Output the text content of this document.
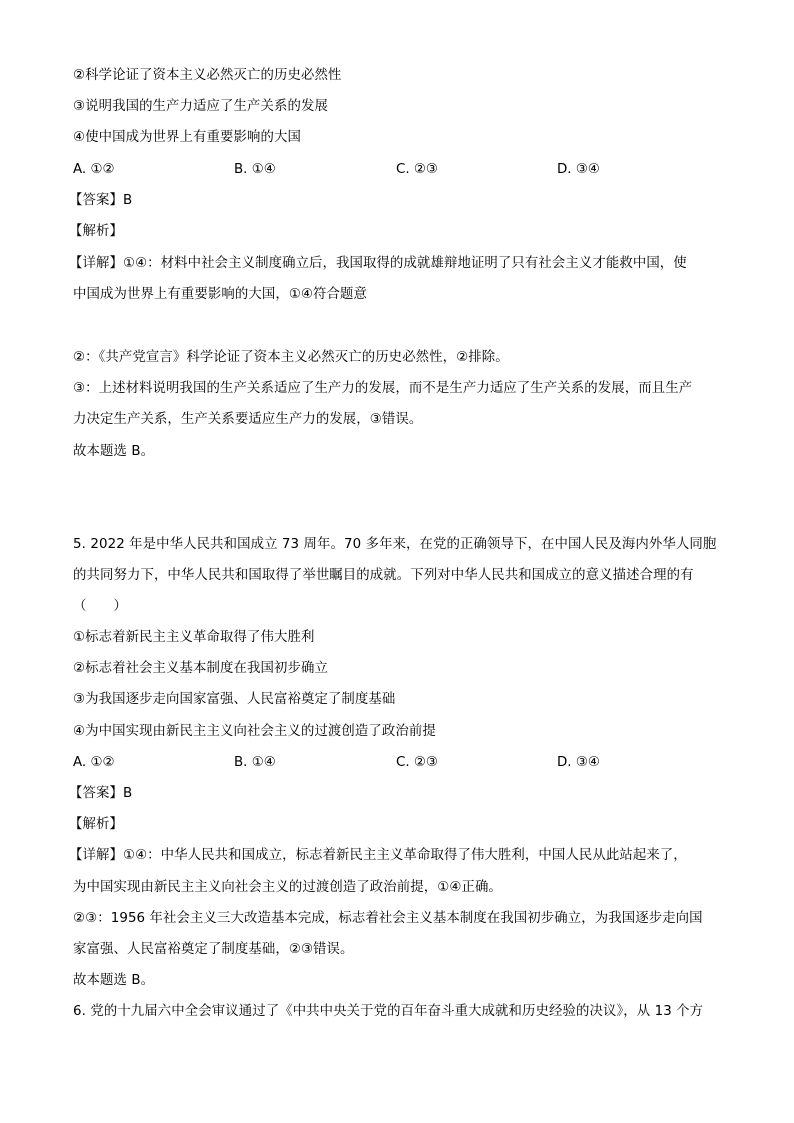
②科学论证了资本主义必然灭亡的历史必然性
③说明我国的生产力适应了生产关系的发展
④使中国成为世界上有重要影响的大国
A. ①②	B. ①④	C. ②③	D. ③④
【答案】B
【解析】
【详解】①④：材料中社会主义制度确立后，我国取得的成就雄辩地证明了只有社会主义才能救中国，使
中国成为世界上有重要影响的大国，①④符合题意
②：《共产党宣言》科学论证了资本主义必然灭亡的历史必然性，②排除。
③：上述材料说明我国的生产关系适应了生产力的发展，而不是生产力适应了生产关系的发展，而且生产
力决定生产关系，生产关系要适应生产力的发展，③错误。
故本题选 B。
5. 2022 年是中华人民共和国成立 73 周年。70 多年来，在党的正确领导下，在中国人民及海内外华人同胞
的共同努力下，中华人民共和国取得了举世瞩目的成就。下列对中华人民共和国成立的意义描述合理的有
（　　）
①标志着新民主主义革命取得了伟大胜利
②标志着社会主义基本制度在我国初步确立
③为我国逐步走向国家富强、人民富裕奠定了制度基础
④为中国实现由新民主主义向社会主义的过渡创造了政治前提
A. ①②	B. ①④	C. ②③	D. ③④
【答案】B
【解析】
【详解】①④：中华人民共和国成立，标志着新民主主义革命取得了伟大胜利，中国人民从此站起来了，
为中国实现由新民主主义向社会主义的过渡创造了政治前提，①④正确。
②③：1956 年社会主义三大改造基本完成，标志着社会主义基本制度在我国初步确立，为我国逐步走向国
家富强、人民富裕奠定了制度基础，②③错误。
故本题选 B。
6. 党的十九届六中全会审议通过了《中共中央关于党的百年奋斗重大成就和历史经验的决议》，从 13 个方
